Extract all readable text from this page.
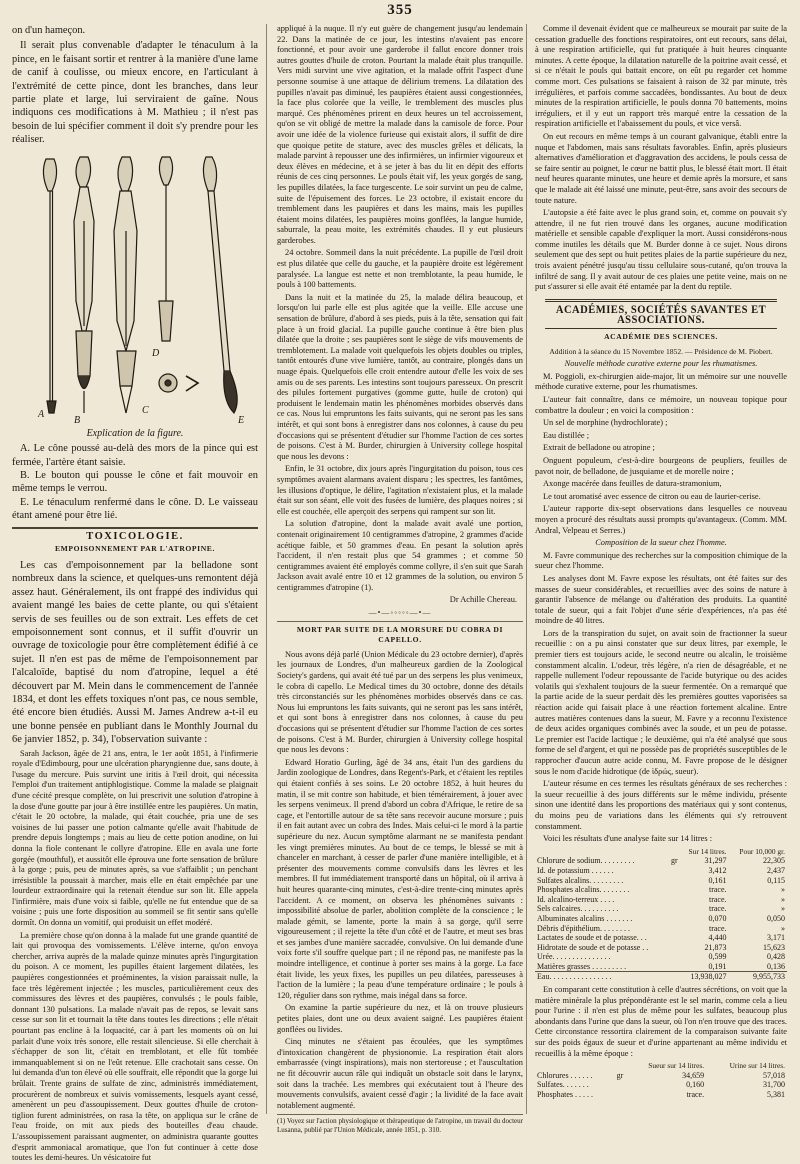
355

on d'un hameçon.

Il serait plus convenable d'adapter le ténaculum à la pince, en le faisant sortir et rentrer à la manière d'une lame de canif à coulisse, ou mieux encore, en l'articulant à l'extrémité de cette pince, dont les branches, dans leur partie plate et large, lui serviraient de gaîne. Nous indiquons ces modifications à M. Mathieu ; il n'est pas besoin de lui spécifier comment il doit s'y prendre pour les réaliser.

A
B
C
D
E
Explication de la figure.

A. Le cône poussé au-delà des mors de la pince qui est fermée, l'artère étant saisie.

B. Le bouton qui pousse le cône et fait mouvoir en même temps le verrou.

E. Le ténaculum renfermé dans le cône. D. Le vaisseau étant amené pour être lié.

TOXICOLOGIE.
EMPOISONNEMENT PAR L'ATROPINE.

Les cas d'empoisonnement par la belladone sont nombreux dans la science, et quelques-uns remontent déjà assez haut. Généralement, ils ont frappé des individus qui avaient mangé les baies de cette plante, ou qui s'étaient servis de ses feuilles ou de son extrait. Les effets de cet empoisonnement sont connus, et il suffit d'ouvrir un ouvrage de toxicologie pour être complètement édifié à ce sujet. Il n'en est pas de même de l'empoisonnement par l'alcaloïde, baptisé du nom d'atropine, lequel a été découvert par M. Mein dans le commencement de l'année 1834, et dont les effets toxiques n'ont pas, ce nous semble, été encore bien étudiés. Aussi M. James Andrew a-t-il eu une bonne pensée en publiant dans le Monthly Journal du 6e janvier 1852, p. 34), l'observation suivante :

Sarah Jackson, âgée de 21 ans, entra, le 1er août 1851, à l'infirmerie royale d'Edimbourg, pour une ulcération pharyngienne due, sans doute, à l'usage du mercure. Puis survint une iritis à l'œil droit, qui nécessita l'emploi d'un traitement antiphlogistique. Comme la malade se plaignait d'une cécité presque complète, on lui prescrivit une solution d'atropine à la dose d'une goutte par jour à être instillée entre les paupières. Un matin, c'était le 20 octobre, la malade, qui était couchée, pria une de ses voisines de lui passer une potion calmante qu'elle avait l'habitude de prendre depuis longtemps ; mais au lieu de cette potion anodine, on lui donna la fiole contenant le collyre d'atropine. Elle en avala une forte gorgée (mouthful), et aussitôt elle éprouva une forte sensation de brûlure à la gorge ; puis, peu de minutes après, sa vue s'affaiblit ; un penchant irrésistible la poussait à marcher, mais elle en était empêchée par une lourdeur extraordinaire qui la retenait étendue sur son lit. Elle appela l'infirmière, mais d'une voix si faible, qu'elle ne fut entendue que de sa voisine ; puis une forte disposition au sommeil se fit sentir sans qu'elle dormît. On donna un vomitif, qui produisit un effet modéré.

La première chose qu'on donna à la malade fut une grande quantité de lait qui provoqua des vomissements. L'élève interne, qu'on envoya chercher, arriva auprès de la malade quinze minutes après l'ingurgitation du poison. A ce moment, les pupilles étaient largement dilatées, les paupières congestionnées et proéminentes, la vision paraissait nulle, la face très légèrement injectée ; les muscles, particulièrement ceux des commissures des lèvres et des paupières, convulsés ; le pouls faible, donnant 130 pulsations. La malade n'avait pas de repos, se levait sans cesse sur son lit et tournait la tête dans toutes les directions ; elle n'était pourtant pas encline à la loquacité, car à part les moments où on lui parlait d'une voix très sonore, elle restait silencieuse. Si elle cherchait à s'échapper de son lit, c'était en tremblotant, et elle fût tombée immanquablement si on ne l'eût retenue. Elle crachotait sans cesse. On lui demanda d'un ton élevé où elle souffrait, elle répondit que la gorge lui brûlait. Trente grains de sulfate de zinc, administrés immédiatement, procurèrent de nombreux et suivis vomissements, lesquels ayant cessé, amenèrent un peu d'assoupissement. Deux gouttes d'huile de croton-tiglion furent administrées, on rasa la tête, on appliqua sur le crâne de l'eau froide, on mit aux pieds des bouteilles d'eau chaude. L'assoupissement paraissant augmenter, on administra quarante gouttes d'esprit ammoniacal aromatique, que l'on fut continuer à cette dose toutes les demi-heures. Un vésicatoire fut

appliqué à la nuque. Il n'y eut guère de changement jusqu'au lendemain 22. Dans la matinée de ce jour, les intestins n'avaient pas encore fonctionné, et pour avoir une garderobe il fallut encore donner trois autres gouttes d'huile de croton. Pourtant la malade était plus tranquille. Vers midi survint une vive agitation, et la malade offrit l'aspect d'une personne soumise à une attaque de délirium tremens. La dilatation des pupilles n'avait pas diminué, les paupières étaient aussi congestionnées, la face plus colorée que la veille, le tremblement des muscles plus marqué. Ces phénomènes prirent en deux heures un tel accroissement, qu'on se vit obligé de mettre la malade dans la camisole de force. Pour avoir une idée de la violence furieuse qui existait alors, il suffit de dire que quoique petite de stature, avec des muscles grêles et délicats, la malade parvint à repousser une des infirmières, un infirmier vigoureux et deux élèves en médecine, et à se jeter à bas du lit en dépit des efforts réunis de ces cinq personnes. Le pouls était vif, les yeux gorgés de sang, les pupilles dilatées, la face turgescente. Le soir survint un peu de calme, suite de l'épuisement des forces. Le 23 octobre, il existait encore du tremblement dans les paupières et dans les mains, mais les pupilles étaient moins dilatées, les paupières moins gonflées, la langue humide, saburrale, la peau moite, les extrémités chaudes. Il y eut plusieurs garderobes.

24 octobre. Sommeil dans la nuit précédente. La pupille de l'œil droit est plus dilatée que celle du gauche, et la paupière droite est légèrement paralysée. La langue est nette et non tremblotante, la peau humide, le pouls à 100 battements.

Dans la nuit et la matinée du 25, la malade délira beaucoup, et lorsqu'on lui parle elle est plus agitée que la veille. Elle accuse une sensation de brûlure, d'abord à ses pieds, puis à la tête, sensation qui fait place à un froid glacial. La pupille gauche continue à être bien plus dilatée que la droite ; ses paupières sont le siège de vifs mouvements de tremblotement. La malade voit quelquefois les objets doubles ou triples, tantôt entourés d'une vive lumière, tantôt, au contraire, plongés dans un nuage épais. Quelquefois elle croit entendre autour d'elle les voix de ses amis ou de ses parents. Les intestins sont toujours paresseux. On prescrit des pilules fortement purgatives (gomme gutte, huile de croton) qui produisent le lendemain matin les phénomènes morbides observés dans ce cas. Nous lui empruntons les faits suivants, qui ne seront pas les sans intérêt, et qui sont bons à enregistrer dans nos colonnes, à cause du peu d'occasions qui se présentent d'étudier sur l'homme l'action de ces sortes de poisons. C'est à M. Burder, chirurgien à University college hospital que nous les devons :

Enfin, le 31 octobre, dix jours après l'ingurgitation du poison, tous ces symptômes avaient alarmans avaient disparu ; les spectres, les fantômes, les illusions d'optique, le délire, l'agitation n'existaient plus, et la malade était sur son séant, elle voit des fusées de lumière, des plaques noires ; si elle est couchée, elle aperçoit des serpens qui rampent sur son lit.

La solution d'atropine, dont la malade avait avalé une portion, contenait originairement 10 centigrammes d'atropine, 2 grammes d'acide acétique faible, et 50 grammes d'eau. En pesant la solution après l'accident, il n'en restait plus que 54 grammes ; et comme 50 centigrammes avaient été employés comme collyre, il s'en suit que Sarah Jackson avait avalé entre 10 et 12 grammes de la solution, ou environ 5 centigrammes d'atropine (1).

Dr Achille Chereau.
—•—◦◦◦◦◦—•—
MORT PAR SUITE DE LA MORSURE DU COBRA DI CAPELLO.

Nous avons déjà parlé (Union Médicale du 23 octobre dernier), d'après les journaux de Londres, d'un malheureux gardien de la Zoological Society's gardens, qui avait été tué par un des serpens les plus venimeux, le cobra di capello. Le Medical times du 30 octobre, donne des détails très circonstanciés sur les phénomènes morbides observés dans ce cas. Nous lui empruntons les faits suivants, qui ne seront pas les sans intérêt, et qui sont bons à enregistrer dans nos colonnes, à cause du peu d'occasions qui se présentent d'étudier sur l'homme l'action de ces sortes de poisons. C'est à M. Burder, chirurgien à University college hospital que nous les devons :

Edward Horatio Gurling, âgé de 34 ans, était l'un des gardiens du Jardin zoologique de Londres, dans Regent's-Park, et c'étaient les reptiles qui étaient confiés à ses soins. Le 20 octobre 1852, à huit heures du matin, il se mit contre son habitude, et bien témérairement, à jouer avec les serpens venimeux. Il prend d'abord un cobra d'Afrique, le retire de sa cage, et l'entortille autour de sa tête sans recevoir aucune morsure ; puis il en fait autant avec un cobra des Indes. Mais celui-ci le mord à la partie supérieure du nez. Aucun symptôme alarmant ne se manifesta pendant les vingt premières minutes. Au bout de ce temps, le blessé se mit à chanceler en marchant, à cesser de parler d'une manière intelligible, et à présenter des mouvements comme convulsifs dans les lèvres et les membres. Il fut immédiatement transporté dans un hôpital, où il arriva à huit heures quarante-cinq minutes, c'est-à-dire trente-cinq minutes après l'accident. A ce moment, on observa les phénomènes suivants : impossibilité absolue de parler, abolition complète de la conscience ; le malade gémit, se lamente, porte la main à sa gorge, qu'il serre vigoureusement ; il rejette la tête d'un côté et de l'autre, et meut ses bras et ses jambes d'une manière saccadée, convulsive. On lui demande d'une voix forte s'il souffre quelque part ; il ne répond pas, ne manifeste pas la moindre intelligence, et continue à porter ses mains à la gorge. La face était livide, les yeux fixes, les pupilles un peu dilatées, paresseuses à l'action de la lumière ; la peau d'une température ordinaire ; le pouls à 120, régulier dans son rythme, mais inégal dans sa force.

On examine la partie supérieure du nez, et là on trouve plusieurs petites plaies, dont une ou deux avaient saigné. Les paupières étaient gonflées ou livides.

Cinq minutes ne s'étaient pas écoulées, que les symptômes d'intoxication changèrent de physionomie. La respiration était alors embarrassée (vingt inspirations), mais non stertoreuse ; et l'auscultation ne fit découvrir aucun râle qui indiquât un obstacle soit dans le larynx, soit dans la trachée. Les membres qui exécutaient tout à l'heure des mouvements convulsifs, avaient cessé d'agir ; la lividité de la face avait notablement augmenté.

(1) Voyez sur l'action physiologique et thérapeutique de l'atropine, un travail du docteur Lusanna, publié par l'Union Médicale, année 1851, p. 310.

Comme il devenait évident que ce malheureux se mourait par suite de la cessation graduelle des fonctions respiratoires, ont eut recours, sans délai, à une respiration artificielle, qui fut pratiquée à huit heures cinquante minutes. A cette époque, la dilatation naturelle de la poitrine avait cessé, et si ce n'était le pouls qui battait encore, on eût pu regarder cet homme comme mort. Ces pulsations se faisaient à raison de 32 par minute, très irrégulières, et parfois comme saccadées, bondissantes. Au bout de deux minutes de la respiration artificielle, le pouls donna 70 battements, moins irréguliers, et il y eut un rapport très marqué entre la cessation de la respiration artificielle et l'abaissement du pouls, et vice versâ.

On eut recours en même temps à un courant galvanique, établi entre la nuque et l'abdomen, mais sans résultats favorables. Enfin, après plusieurs alternatives d'amélioration et d'aggravation des accidens, le pouls cessa de se faire sentir au poignet, le cœur ne battit plus, le blessé était mort. Il était neuf heures quarante minutes, une heure et demie après la morsure, et sans que le malade ait été laissé une minute, peut-être, sans avoir des secours de toute nature.

L'autopsie a été faite avec le plus grand soin, et, comme on pouvait s'y attendre, il ne fut rien trouvé dans les organes, aucune modification matérielle et sensible capable d'expliquer la mort. Aussi considérons-nous comme inutiles les détails que M. Burder donne à ce sujet. Nous dirons seulement que des sept ou huit petites plaies de la partie supérieure du nez, trois avaient pénétré jusqu'au tissu cellulaire sous-cutané, qu'on trouva la infiltré de sang. Il y avait autour de ces plaies une petite veine, mais on ne put s'assurer si elle avait été entamée par la dent du reptile.

ACADÉMIES, SOCIÉTÉS SAVANTES ET ASSOCIATIONS.
ACADÉMIE DES SCIENCES.

Addition à la séance du 15 Novembre 1852. — Présidence de M. Piobert.

Nouvelle méthode curative externe pour les rhumatismes.

M. Poggioli, ex-chirurgien aide-major, lit un mémoire sur une nouvelle méthode curative externe, pour les rhumatismes.

L'auteur fait connaître, dans ce mémoire, un nouveau topique pour combattre la douleur ; en voici la composition :

Un sel de morphine (hydrochlorate) ;

Eau distillée ;

Extrait de belladone ou atropine ;

Onguent populeum, c'est-à-dire bourgeons de peupliers, feuilles de pavot noir, de belladone, de jusquiame et de morelle noire ;

Axonge macérée dans feuilles de datura-stramonium,

Le tout aromatisé avec essence de citron ou eau de laurier-cerise.

L'auteur rapporte dix-sept observations dans lesquelles ce nouveau moyen a procuré des résultats aussi prompts qu'avantageux. (Comm. MM. Andral, Velpeau et Serres.)

Composition de la sueur chez l'homme.

M. Favre communique des recherches sur la composition chimique de la sueur chez l'homme.

Les analyses dont M. Favre expose les résultats, ont été faites sur des masses de sueur considérables, et recueillies avec des soins de nature à garantir l'absence de mélange ou d'altération des produits. La quantité totale de sueur, qui a fait l'objet d'une série d'expériences, n'a pas été moindre de 40 litres.

Lors de la transpiration du sujet, on avait soin de fractionner la sueur recueillie : on a pu ainsi constater que sur deux litres, par exemple, le premier tiers est toujours acide, le second neutre ou alcalin, le troisième constamment alcalin. L'odeur, très légère, n'a rien de désagréable, et ne rappelle nullement l'odeur repoussante de l'acide butyrique ou des acides volatils qui s'exhalent toujours de la sueur fermentée. On a remarqué que la partie acide de la sueur perdait dès les premières gouttes vaporisées sa réaction acide qui faisait place à une réaction fortement alcaline. Entre autres matières contenues dans la sueur, M. Favre y a reconnu l'existence de deux acides organiques combinés avec la soude, et un peu de potasse. Le premier est l'acide lactique ; le deuxième, qui n'a été analysé que sous forme de sel d'argent, et qui ne possède pas de propriétés susceptibles de le rapprocher d'aucun autre acide connu, M. Favre propose de le désigner sous le nom d'acide hidrotique (de ἱδρώς, sueur).

L'auteur résume en ces termes les résultats généraux de ses recherches : la sueur recueillie à des jours différents sur le même individu, présente sinon une identité dans les proportions des matériaux qui y sont contenus, du moins peu de variations dans les éléments qui s'y retrouvent constamment.

Voici les résultats d'une analyse faite sur 14 litres :

		Sur 14 litres.	Pour 10,000 gr.
Chlorure de sodium. . . . . . . . .	gr	31,297	22,305
Id. de potassium . . . . . .		3,412	2,437
Sulfates alcalins. . . . . . . . .		0,161	0,115
Phosphates alcalins. . . . . . . .		trace.	»
Id. alcalino-terreux . . . .		trace.	»
Sels calcaires. . . . . . . . . .		trace.	»
Albuminates alcalins . . . . . . .		0,070	0,050
Débris d'épithélium. . . . . . . .		trace.	»
Lactates de soude et de potasse. . .		4,440	3,171
Hidrotate de soude et de potasse . .		21,873	15,623
Urée. . . . . . . . . . . . . . .		0,599	0,428
Matières grasses . . . . . . . . .		0,191	0,136
Eau. . . . . . . . . . . . . . . .		13,938,027	9,955,733

En comparant cette constitution à celle d'autres sécrétions, on voit que la matière minérale la plus prépondérante est le sel marin, comme cela a lieu pour l'urine : il n'en est plus de même pour les sulfates, beaucoup plus abondants dans l'urine que dans la sueur, où l'on n'en trouve que des traces. Cette circonstance ressortira clairement de la comparaison suivante faite sur des poids égaux de sueur et d'urine appartenant au même individu et recueillis à la même époque :

		Sueur sur 14 litres.	Urine sur 14 litres.
Chlorures . . . . . .	gr	34,659	57,018
Sulfates. . . . . . .		0,160	31,700
Phosphates . . . . .		trace.	5,381
